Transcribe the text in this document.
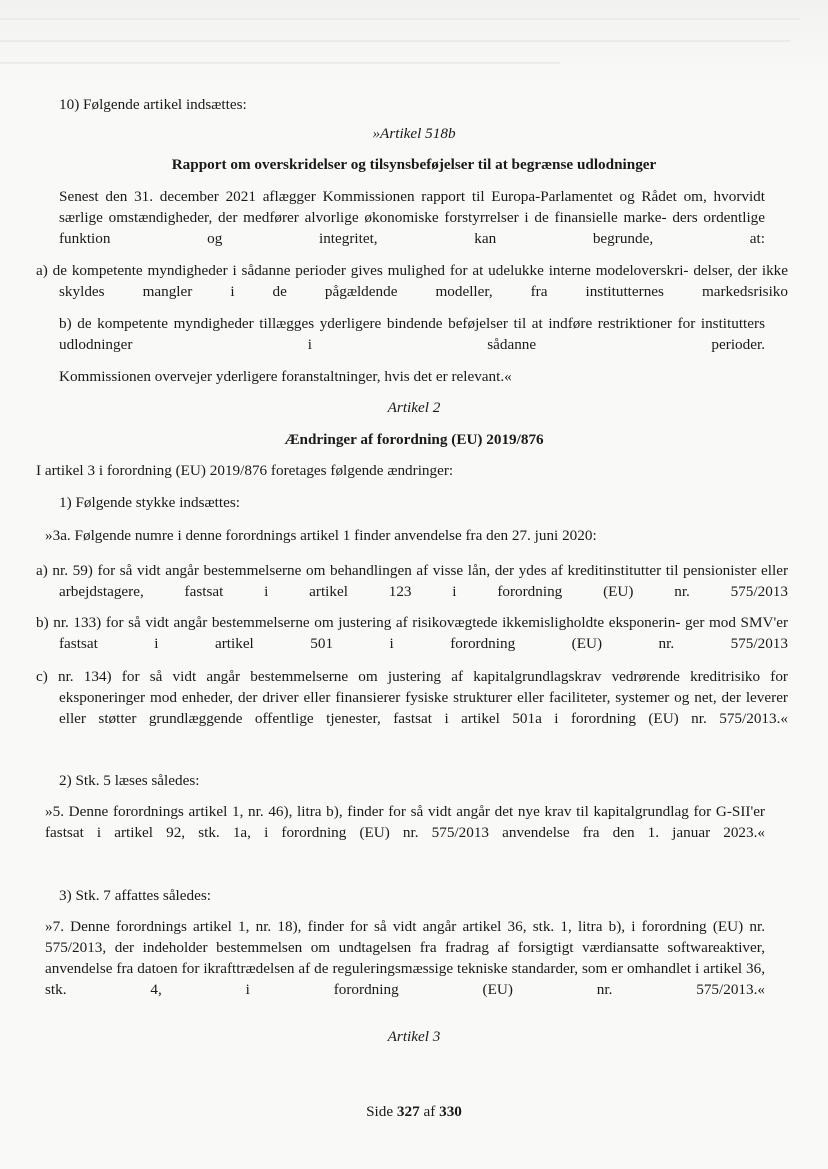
10) Følgende artikel indsættes:

»Artikel 518b

Rapport om overskridelser og tilsynsbeføjelser til at begrænse udlodninger

Senest den 31. december 2021 aflægger Kommissionen rapport til Europa-Parlamentet og Rådet om, hvorvidt særlige omstændigheder, der medfører alvorlige økonomiske forstyrrelser i de finansielle marke- ders ordentlige funktion og integritet, kan begrunde, at:

a) de kompetente myndigheder i sådanne perioder gives mulighed for at udelukke interne modeloverskri- delser, der ikke skyldes mangler i de pågældende modeller, fra institutternes markedsrisiko

b) de kompetente myndigheder tillægges yderligere bindende beføjelser til at indføre restriktioner for institutters udlodninger i sådanne perioder.

Kommissionen overvejer yderligere foranstaltninger, hvis det er relevant.«

Artikel 2

Ændringer af forordning (EU) 2019/876

I artikel 3 i forordning (EU) 2019/876 foretages følgende ændringer:

1) Følgende stykke indsættes:

»3a. Følgende numre i denne forordnings artikel 1 finder anvendelse fra den 27. juni 2020:

a) nr. 59) for så vidt angår bestemmelserne om behandlingen af visse lån, der ydes af kreditinstitutter til pensionister eller arbejdstagere, fastsat i artikel 123 i forordning (EU) nr. 575/2013

b) nr. 133) for så vidt angår bestemmelserne om justering af risikovægtede ikkemisligholdte eksponerin- ger mod SMV'er fastsat i artikel 501 i forordning (EU) nr. 575/2013

c) nr. 134) for så vidt angår bestemmelserne om justering af kapitalgrundlagskrav vedrørende kreditrisiko for eksponeringer mod enheder, der driver eller finansierer fysiske strukturer eller faciliteter, systemer og net, der leverer eller støtter grundlæggende offentlige tjenester, fastsat i artikel 501a i forordning (EU) nr. 575/2013.«

2) Stk. 5 læses således:

»5. Denne forordnings artikel 1, nr. 46), litra b), finder for så vidt angår det nye krav til kapitalgrundlag for G-SII'er fastsat i artikel 92, stk. 1a, i forordning (EU) nr. 575/2013 anvendelse fra den 1. januar 2023.«

3) Stk. 7 affattes således:

»7. Denne forordnings artikel 1, nr. 18), finder for så vidt angår artikel 36, stk. 1, litra b), i forordning (EU) nr. 575/2013, der indeholder bestemmelsen om undtagelsen fra fradrag af forsigtigt værdiansatte softwareaktiver, anvendelse fra datoen for ikrafttrædelsen af de reguleringsmæssige tekniske standarder, som er omhandlet i artikel 36, stk. 4, i forordning (EU) nr. 575/2013.«

Artikel 3

Side 327 af 330
